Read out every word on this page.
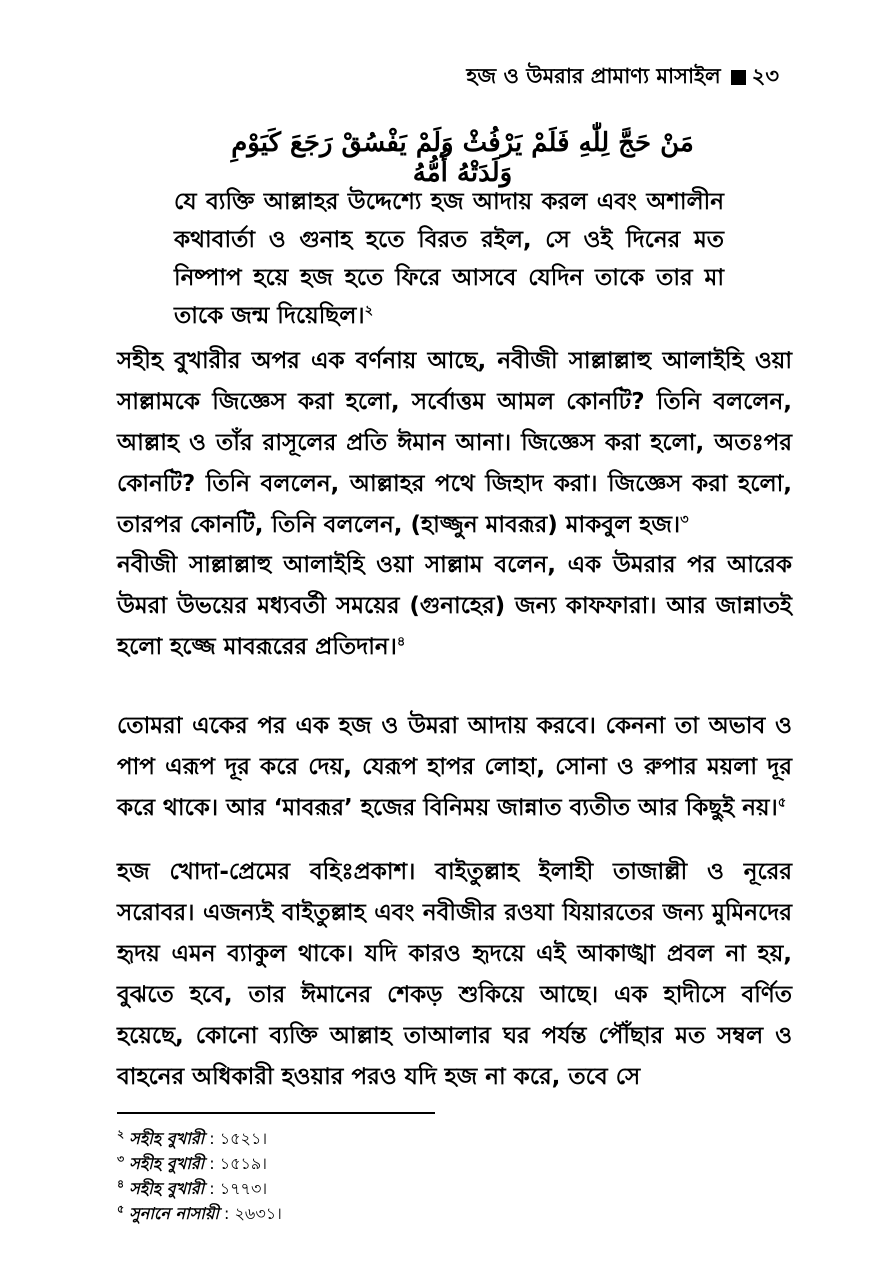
হজ ও উমরার প্রামাণ্য মাসাইল ২৩
مَنْ حَجَّ لِلّٰهِ فَلَمْ يَرْفُثْ وَلَمْ يَفْسُقْ رَجَعَ كَيَوْمِ وَلَدَتْهُ أُمُّهُ
যে ব্যক্তি আল্লাহর উদ্দেশ্যে হজ আদায় করল এবং অশালীন কথাবার্তা ও গুনাহ হতে বিরত রইল, সে ওই দিনের মত নিষ্পাপ হয়ে হজ হতে ফিরে আসবে যেদিন তাকে তার মা তাকে জন্ম দিয়েছিল।$^২$
সহীহ বুখারীর অপর এক বর্ণনায় আছে, নবীজী সাল্লাল্লাহু আলাইহি ওয়া সাল্লামকে জিজ্ঞেস করা হলো, সর্বোত্তম আমল কোনটি? তিনি বললেন, আল্লাহ ও তাঁর রাসূলের প্রতি ঈমান আনা। জিজ্ঞেস করা হলো, অতঃপর কোনটি? তিনি বললেন, আল্লাহর পথে জিহাদ করা। জিজ্ঞেস করা হলো, তারপর কোনটি, তিনি বললেন, (হাজ্জুন মাবরূর) মাকবুল হজ।$^৩$
নবীজী সাল্লাল্লাহু আলাইহি ওয়া সাল্লাম বলেন, এক উমরার পর আরেক উমরা উভয়ের মধ্যবর্তী সময়ের (গুনাহের) জন্য কাফফারা। আর জান্নাতই হলো হজ্জে মাবরূরের প্রতিদান।$^৪$
তোমরা একের পর এক হজ ও উমরা আদায় করবে। কেননা তা অভাব ও পাপ এরূপ দূর করে দেয়, যেরূপ হাপর লোহা, সোনা ও রুপার ময়লা দূর করে থাকে। আর ‘মাবরূর’ হজের বিনিময় জান্নাত ব্যতীত আর কিছুই নয়।$^৫$
হজ খোদা-প্রেমের বহিঃপ্রকাশ। বাইতুল্লাহ ইলাহী তাজাল্লী ও নূরের সরোবর। এজন্যই বাইতুল্লাহ এবং নবীজীর রওযা যিয়ারতের জন্য মুমিনদের হৃদয় এমন ব্যাকুল থাকে। যদি কারও হৃদয়ে এই আকাঙ্খা প্রবল না হয়, বুঝতে হবে, তার ঈমানের শেকড় শুকিয়ে আছে। এক হাদীসে বর্ণিত হয়েছে, কোনো ব্যক্তি আল্লাহ তাআলার ঘর পর্যন্ত পৌঁছার মত সম্বল ও বাহনের অধিকারী হওয়ার পরও যদি হজ না করে, তবে সে
$^২$ সহীহ বুখারী : ১৫২১।
$^৩$ সহীহ বুখারী : ১৫১৯।
$^৪$ সহীহ বুখারী : ১৭৭৩।
$^৫$ সুনানে নাসায়ী : ২৬৩১।
